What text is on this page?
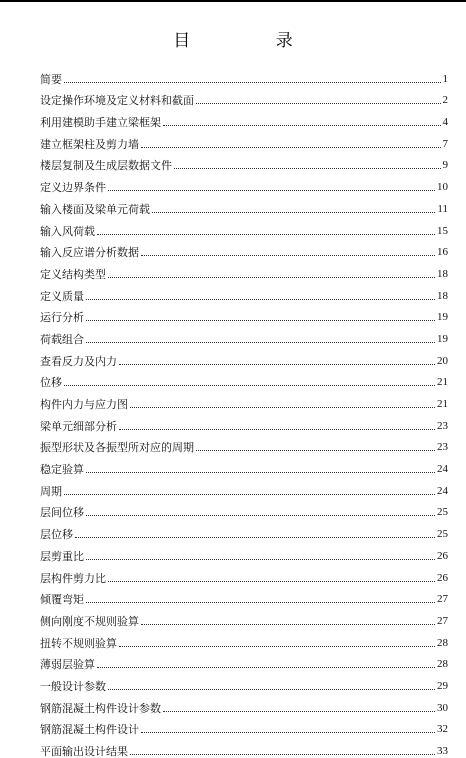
目 录
简要	1
设定操作环境及定义材料和截面	2
利用建模助手建立梁框架	4
建立框架柱及剪力墙	7
楼层复制及生成层数据文件	9
定义边界条件	10
输入楼面及梁单元荷载	11
输入风荷载	15
输入反应谱分析数据	16
定义结构类型	18
定义质量	18
运行分析	19
荷载组合	19
查看反力及内力	20
位移	21
构件内力与应力图	21
梁单元细部分析	23
振型形状及各振型所对应的周期	23
稳定验算	24
周期	24
层间位移	25
层位移	25
层剪重比	26
层构件剪力比	26
倾覆弯矩	27
侧向刚度不规则验算	27
扭转不规则验算	28
薄弱层验算	28
一般设计参数	29
钢筋混凝土构件设计参数	30
钢筋混凝土构件设计	32
平面输出设计结果	33
